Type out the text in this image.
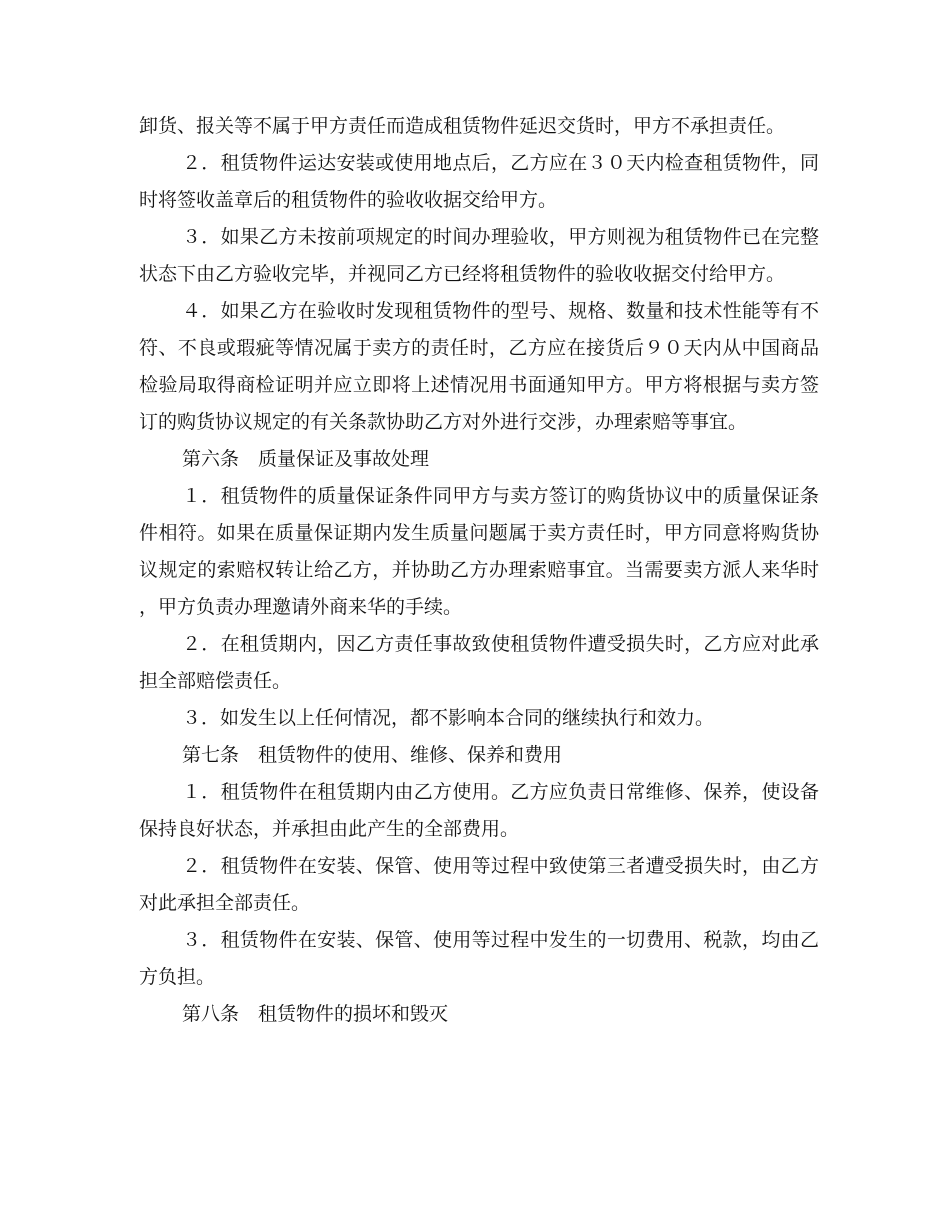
卸货、报关等不属于甲方责任而造成租赁物件延迟交货时，甲方不承担责任。

２．租赁物件运达安装或使用地点后，乙方应在３０天内检查租赁物件，同时将签收盖章后的租赁物件的验收收据交给甲方。

３．如果乙方未按前项规定的时间办理验收，甲方则视为租赁物件已在完整状态下由乙方验收完毕，并视同乙方已经将租赁物件的验收收据交付给甲方。

４．如果乙方在验收时发现租赁物件的型号、规格、数量和技术性能等有不符、不良或瑕疵等情况属于卖方的责任时，乙方应在接货后９０天内从中国商品检验局取得商检证明并应立即将上述情况用书面通知甲方。甲方将根据与卖方签订的购货协议规定的有关条款协助乙方对外进行交涉，办理索赔等事宜。

第六条　质量保证及事故处理

１．租赁物件的质量保证条件同甲方与卖方签订的购货协议中的质量保证条件相符。如果在质量保证期内发生质量问题属于卖方责任时，甲方同意将购货协议规定的索赔权转让给乙方，并协助乙方办理索赔事宜。当需要卖方派人来华时，甲方负责办理邀请外商来华的手续。

２．在租赁期内，因乙方责任事故致使租赁物件遭受损失时，乙方应对此承担全部赔偿责任。

３．如发生以上任何情况，都不影响本合同的继续执行和效力。

第七条　租赁物件的使用、维修、保养和费用

１．租赁物件在租赁期内由乙方使用。乙方应负责日常维修、保养，使设备保持良好状态，并承担由此产生的全部费用。

２．租赁物件在安装、保管、使用等过程中致使第三者遭受损失时，由乙方对此承担全部责任。

３．租赁物件在安装、保管、使用等过程中发生的一切费用、税款，均由乙方负担。

第八条　租赁物件的损坏和毁灭
